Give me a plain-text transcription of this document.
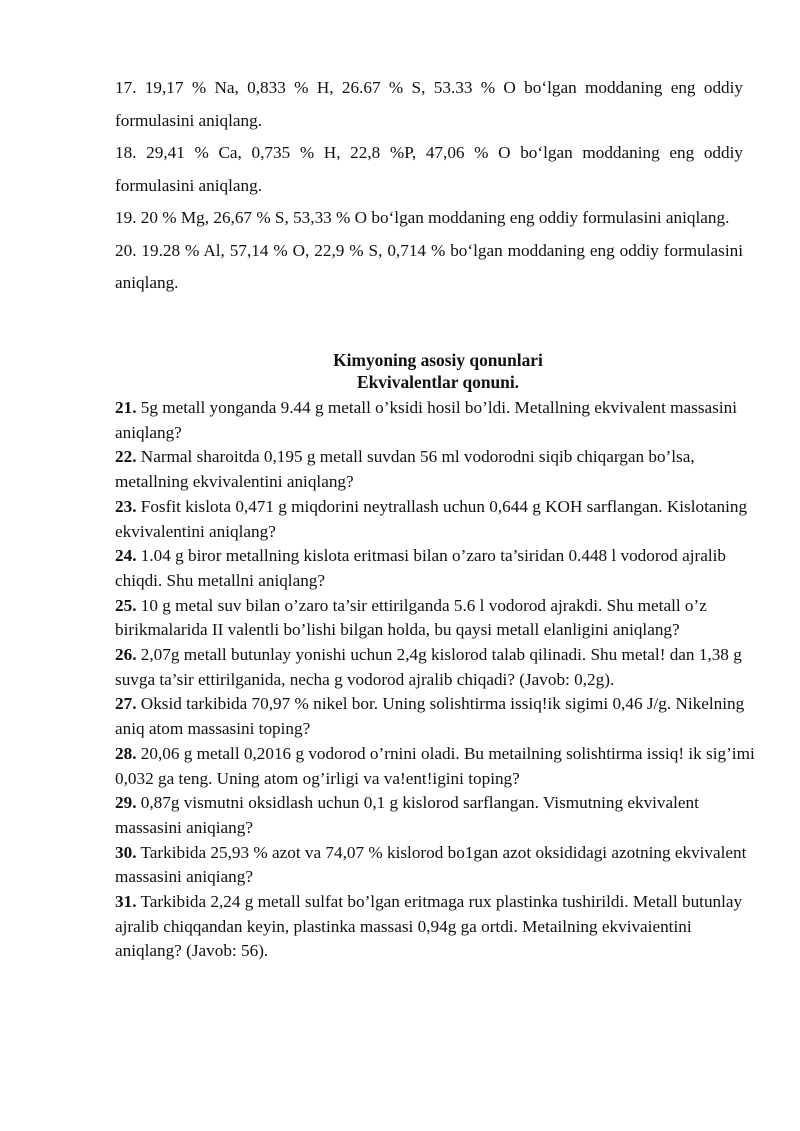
17. 19,17 % Na, 0,833 % H, 26.67 % S, 53.33 % O bo‘lgan moddaning eng oddiy formulasini aniqlang.

18. 29,41 % Ca, 0,735 % H, 22,8 %P, 47,06 % O bo‘lgan moddaning eng oddiy formulasini aniqlang.

19. 20 % Mg, 26,67 % S, 53,33 % O bo‘lgan moddaning eng oddiy formulasini aniqlang.

20. 19.28 % Al, 57,14 % O, 22,9 % S, 0,714 % bo‘lgan moddaning eng oddiy formulasini aniqlang.

Kimyoning asosiy qonunlari

Ekvivalentlar qonuni.

21. 5g metall yonganda 9.44 g metall o’ksidi hosil bo’ldi. Metallning ekvivalent massasini aniqlang?

22. Narmal sharoitda 0,195 g metall suvdan 56 ml vodorodni siqib chiqargan bo’lsa, metallning ekvivalentini aniqlang?

23. Fosfit kislota 0,471 g miqdorini neytrallash uchun 0,644 g KOH sarflangan. Kislotaning ekvivalentini aniqlang?

24. 1.04 g biror metallning kislota eritmasi bilan o’zaro ta’siridan 0.448 l vodorod ajralib chiqdi. Shu metallni aniqlang?

25. 10 g metal suv bilan o’zaro ta’sir ettirilganda 5.6 l vodorod ajrakdi. Shu metall o’z birikmalarida II valentli bo’lishi bilgan holda, bu qaysi metall elanligini aniqlang?

26. 2,07g metall butunlay yonishi uchun 2,4g kislorod talab qilinadi. Shu metal! dan 1,38 g suvga ta’sir ettirilganida, necha g vodorod ajralib chiqadi? (Javob: 0,2g).

27. Oksid tarkibida 70,97 % nikel bor. Uning solishtirma issiq!ik sigimi 0,46 J/g. Nikelning aniq atom massasini toping?

28. 20,06 g metall 0,2016 g vodorod o’rnini oladi. Bu metailning solishtirma issiq! ik sig’imi 0,032 ga teng. Uning atom og’irligi va va!ent!igini toping?

29. 0,87g vismutni oksidlash uchun 0,1 g kislorod sarflangan. Vismutning ekvivalent massasini aniqiang?

30. Tarkibida 25,93 % azot va 74,07 % kislorod bo1gan azot oksididagi azotning ekvivalent massasini aniqiang?

31. Tarkibida 2,24 g metall sulfat bo’lgan eritmaga rux plastinka tushirildi. Metall butunlay ajralib chiqqandan keyin, plastinka massasi 0,94g ga ortdi. Metailning ekvivaientini aniqlang? (Javob: 56).
